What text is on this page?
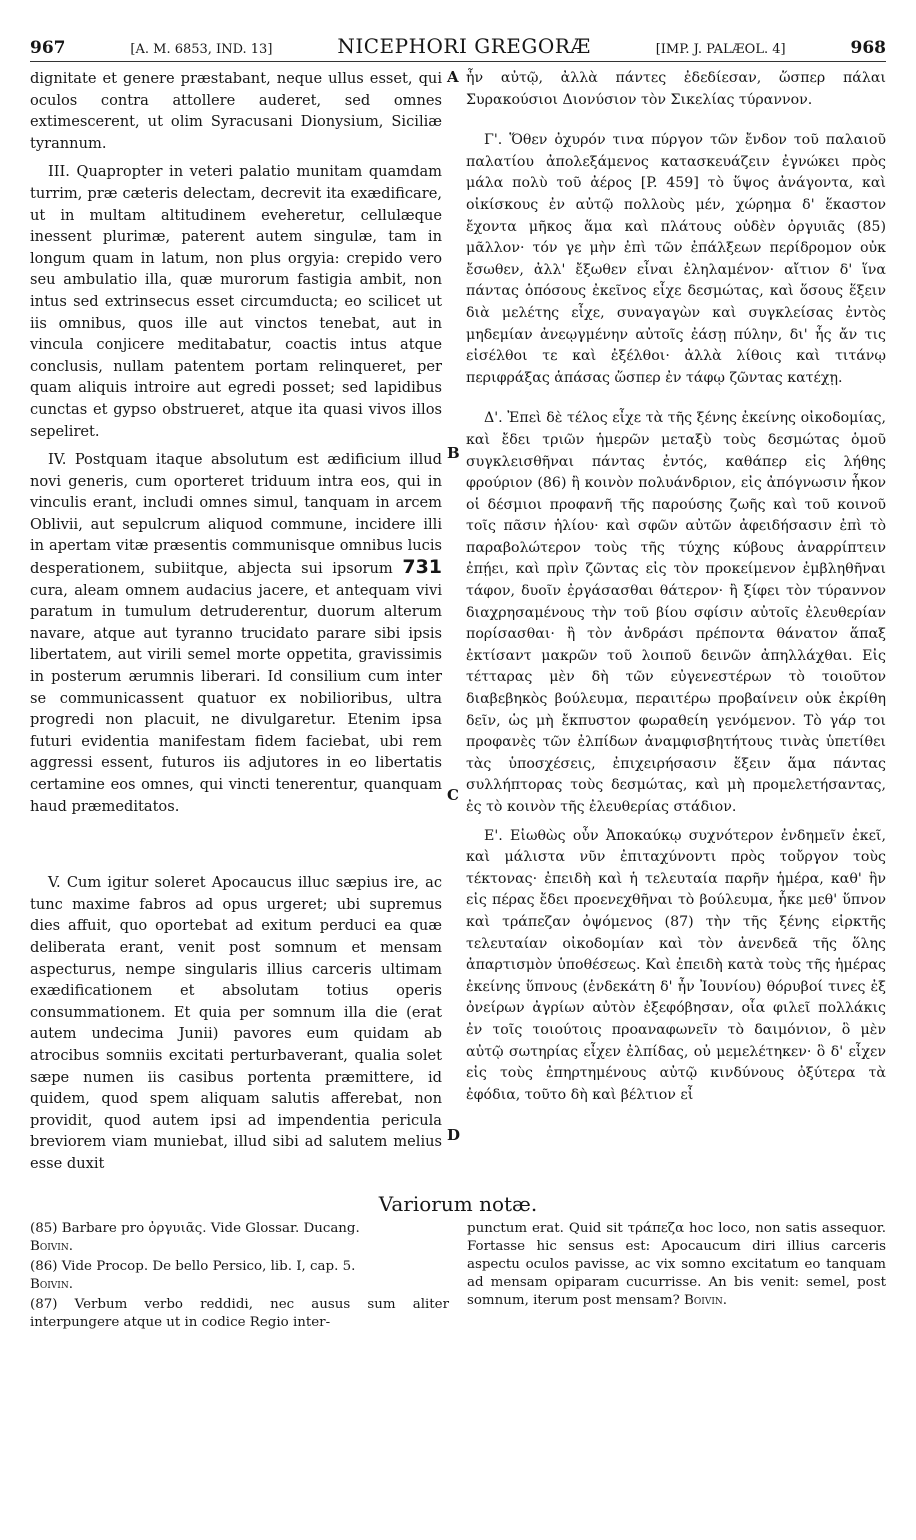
967	[A. M. 6853, IND. 13]	NICEPHORI GREGORÆ	[IMP. J. PALÆOL. 4]	968

dignitate et genere præstabant, neque ullus esset, qui oculos contra attollere auderet, sed omnes extimescerent, ut olim Syracusani Dionysium, Siciliæ tyrannum.

III. Quapropter in veteri palatio munitam quamdam turrim, præ cæteris delectam, decrevit ita exædificare, ut in multam altitudinem eveheretur, cellulæque inessent plurimæ, paterent autem singulæ, tam in longum quam in latum, non plus orgyia: crepido vero seu ambulatio illa, quæ murorum fastigia ambit, non intus sed extrinsecus esset circumducta; eo scilicet ut iis omnibus, quos ille aut vinctos tenebat, aut in vincula conjicere meditabatur, coactis intus atque conclusis, nullam patentem portam relinqueret, per quam aliquis introire aut egredi posset; sed lapidibus cunctas et gypso obstrueret, atque ita quasi vivos illos sepeliret.

IV. Postquam itaque absolutum est ædificium illud novi generis, cum oporteret triduum intra eos, qui in vinculis erant, includi omnes simul, tanquam in arcem Oblivii, aut sepulcrum aliquod commune, incidere illi in apertam vitæ præsentis communisque omnibus lucis desperationem, subiitque, abjecta sui ipsorum 731 cura, aleam omnem audacius jacere, et antequam vivi paratum in tumulum detruderentur, duorum alterum navare, atque aut tyranno trucidato parare sibi ipsis libertatem, aut virili semel morte oppetita, gravissimis in posterum ærumnis liberari. Id consilium cum inter se communicassent quatuor ex nobilioribus, ultra progredi non placuit, ne divulgaretur. Etenim ipsa futuri evidentia manifestam fidem faciebat, ubi rem aggressi essent, futuros iis adjutores in eo libertatis certamine eos omnes, qui vincti tenerentur, quanquam haud præmeditatos.

V. Cum igitur soleret Apocaucus illuc sæpius ire, ac tunc maxime fabros ad opus urgeret; ubi supremus dies affuit, quo oportebat ad exitum perduci ea quæ deliberata erant, venit post somnum et mensam aspecturus, nempe singularis illius carceris ultimam exædificationem et absolutam totius operis consummationem. Et quia per somnum illa die (erat autem undecima Junii) pavores eum quidam ab atrocibus somniis excitati perturbaverant, qualia solet sæpe numen iis casibus portenta præmittere, id quidem, quod spem aliquam salutis afferebat, non providit, quod autem ipsi ad impendentia pericula breviorem viam muniebat, illud sibi ad salutem melius esse duxit

A
B
C
D

ἦν αὐτῷ, ἀλλὰ πάντες ἐδεδίεσαν, ὥσπερ πάλαι Συρακούσιοι Διονύσιον τὸν Σικελίας τύραννον.

Γ'. Ὅθεν ὀχυρόν τινα πύργον τῶν ἔνδον τοῦ παλαιοῦ παλατίου ἀπολεξάμενος κατασκευάζειν ἐγνώκει πρὸς μάλα πολὺ τοῦ ἀέρος [P. 459] τὸ ὕψος ἀνάγοντα, καὶ οἰκίσκους ἐν αὐτῷ πολλοὺς μέν, χώρημα δ' ἕκαστον ἔχοντα μῆκος ἅμα καὶ πλάτους οὐδὲν ὀργυιᾶς (85) μᾶλλον· τόν γε μὴν ἐπὶ τῶν ἐπάλξεων περίδρομον οὐκ ἔσωθεν, ἀλλ' ἔξωθεν εἶναι ἐληλαμένον· αἴτιον δ' ἵνα πάντας ὁπόσους ἐκεῖνος εἶχε δεσμώτας, καὶ ὅσους ἕξειν διὰ μελέτης εἶχε, συναγαγὼν καὶ συγκλείσας ἐντὸς μηδεμίαν ἀνεῳγμένην αὐτοῖς ἐάσῃ πύλην, δι' ἧς ἄν τις εἰσέλθοι τε καὶ ἐξέλθοι· ἀλλὰ λίθοις καὶ τιτάνῳ περιφράξας ἁπάσας ὥσπερ ἐν τάφῳ ζῶντας κατέχῃ.

Δ'. Ἐπεὶ δὲ τέλος εἶχε τὰ τῆς ξένης ἐκείνης οἰκοδομίας, καὶ ἔδει τριῶν ἡμερῶν μεταξὺ τοὺς δεσμώτας ὁμοῦ συγκλεισθῆναι πάντας ἐντός, καθάπερ εἰς λήθης φρούριον (86) ἢ κοινὸν πολυάνδριον, εἰς ἀπόγνωσιν ἧκον οἱ δέσμιοι προφανῆ τῆς παρούσης ζωῆς καὶ τοῦ κοινοῦ τοῖς πᾶσιν ἡλίου· καὶ σφῶν αὐτῶν ἀφειδήσασιν ἐπὶ τὸ παραβολώτερον τοὺς τῆς τύχης κύβους ἀναρρίπτειν ἐπῄει, καὶ πρὶν ζῶντας εἰς τὸν προκείμενον ἐμβληθῆναι τάφον, δυοῖν ἐργάσασθαι θάτερον· ἢ ξίφει τὸν τύραννον διαχρησαμένους τὴν τοῦ βίου σφίσιν αὐτοῖς ἐλευθερίαν πορίσασθαι· ἢ τὸν ἀνδράσι πρέποντα θάνατον ἅπαξ ἐκτίσαντ μακρῶν τοῦ λοιποῦ δεινῶν ἀπηλλάχθαι. Εἰς τέτταρας μὲν δὴ τῶν εὐγενεστέρων τὸ τοιοῦτον διαβεβηκὸς βούλευμα, περαιτέρω προβαίνειν οὐκ ἐκρίθη δεῖν, ὡς μὴ ἔκπυστον φωραθείη γενόμενον. Τὸ γάρ τοι προφανὲς τῶν ἐλπίδων ἀναμφισβητήτους τινὰς ὑπετίθει τὰς ὑποσχέσεις, ἐπιχειρήσασιν ἕξειν ἅμα πάντας συλλήπτορας τοὺς δεσμώτας, καὶ μὴ προμελετήσαντας, ἐς τὸ κοινὸν τῆς ἐλευθερίας στάδιον.

Ε'. Εἰωθὼς οὖν Ἀποκαύκῳ συχνότερον ἐνδημεῖν ἐκεῖ, καὶ μάλιστα νῦν ἐπιταχύνοντι πρὸς τοὔργον τοὺς τέκτονας· ἐπειδὴ καὶ ἡ τελευταία παρῆν ἡμέρα, καθ' ἣν εἰς πέρας ἔδει προενεχθῆναι τὸ βούλευμα, ἧκε μεθ' ὕπνον καὶ τράπεζαν ὀψόμενος (87) τὴν τῆς ξένης εἱρκτῆς τελευταίαν οἰκοδομίαν καὶ τὸν ἀνενδεᾶ τῆς ὅλης ἀπαρτισμὸν ὑποθέσεως. Καὶ ἐπειδὴ κατὰ τοὺς τῆς ἡμέρας ἐκείνης ὕπνους (ἑνδεκάτη δ' ἦν Ἰουνίου) θόρυβοί τινες ἐξ ὀνείρων ἀγρίων αὐτὸν ἐξεφόβησαν, οἷα φιλεῖ πολλάκις ἐν τοῖς τοιούτοις προαναφωνεῖν τὸ δαιμόνιον, ὃ μὲν αὐτῷ σωτηρίας εἶχεν ἐλπίδας, οὐ μεμελέτηκεν· ὃ δ' εἶχεν εἰς τοὺς ἐπηρτημένους αὐτῷ κινδύνους ὀξύτερα τὰ ἐφόδια, τοῦτο δὴ καὶ βέλτιον εἶ

Variorum notæ.

(85) Barbare pro ὀργυιᾶς. Vide Glossar. Ducang.
Boivin.

(86) Vide Procop. De bello Persico, lib. I, cap. 5.
Boivin.

(87) Verbum verbo reddidi, nec ausus sum aliter interpungere atque ut in codice Regio inter-

punctum erat. Quid sit τράπεζα hoc loco, non satis assequor. Fortasse hic sensus est: Apocaucum diri illius carceris aspectu oculos pavisse, ac vix somno excitatum eo tanquam ad mensam opiparam cucurrisse. An bis venit: semel, post somnum, iterum post mensam? Boivin.
